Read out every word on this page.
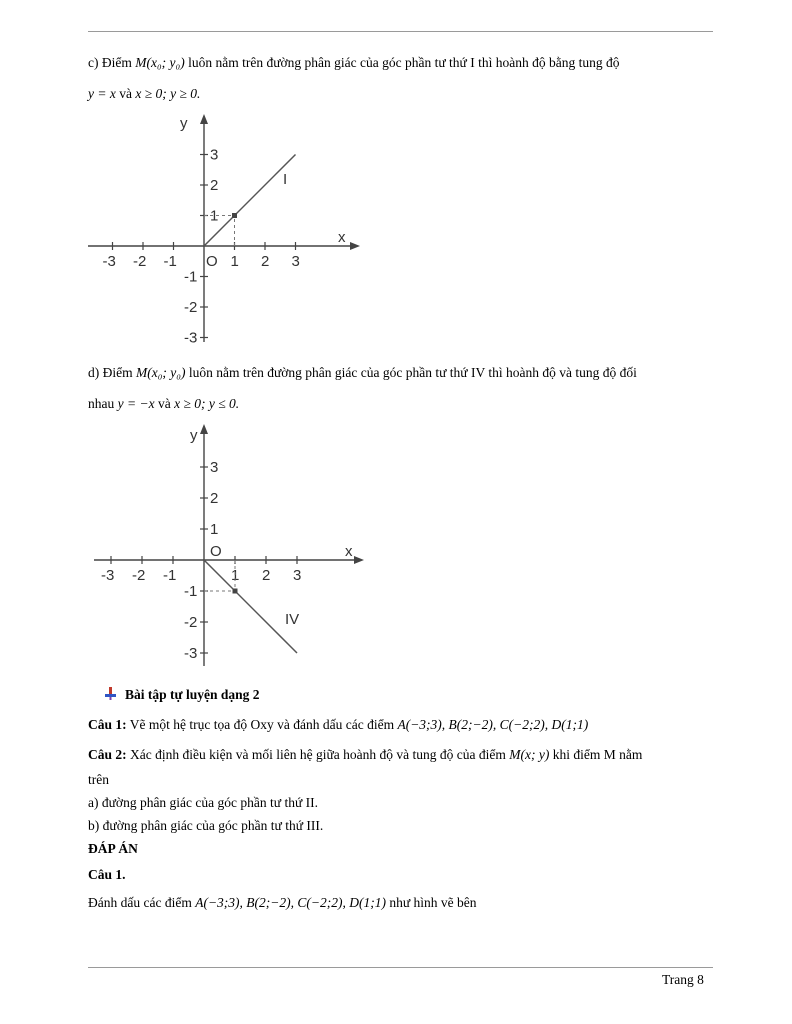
c) Điểm M(x₀; y₀) luôn nằm trên đường phân giác của góc phần tư thứ I thì hoành độ bằng tung độ
y = x và x ≥ 0; y ≥ 0.
x
y
O
-3 -2 -1	1 2 3
3
2
1
-1
-2
-3
I
d) Điểm M(x₀; y₀) luôn nằm trên đường phân giác của góc phần tư thứ IV thì hoành độ và tung độ đối
nhau y = −x và x ≥ 0; y ≤ 0.
x
y
O
-3 -2 -1	1 2 3
3
2
1
-1
-2
-3
IV
Bài tập tự luyện dạng 2
Câu 1: Vẽ một hệ trục tọa độ Oxy và đánh dấu các điểm A(−3;3), B(2;−2), C(−2;2), D(1;1)
Câu 2: Xác định điều kiện và mối liên hệ giữa hoành độ và tung độ của điểm M(x; y) khi điểm M nằm
trên
a) đường phân giác của góc phần tư thứ II.
b) đường phân giác của góc phần tư thứ III.
ĐÁP ÁN
Câu 1.
Đánh dấu các điểm A(−3;3), B(2;−2), C(−2;2), D(1;1) như hình vẽ bên
Trang 8
